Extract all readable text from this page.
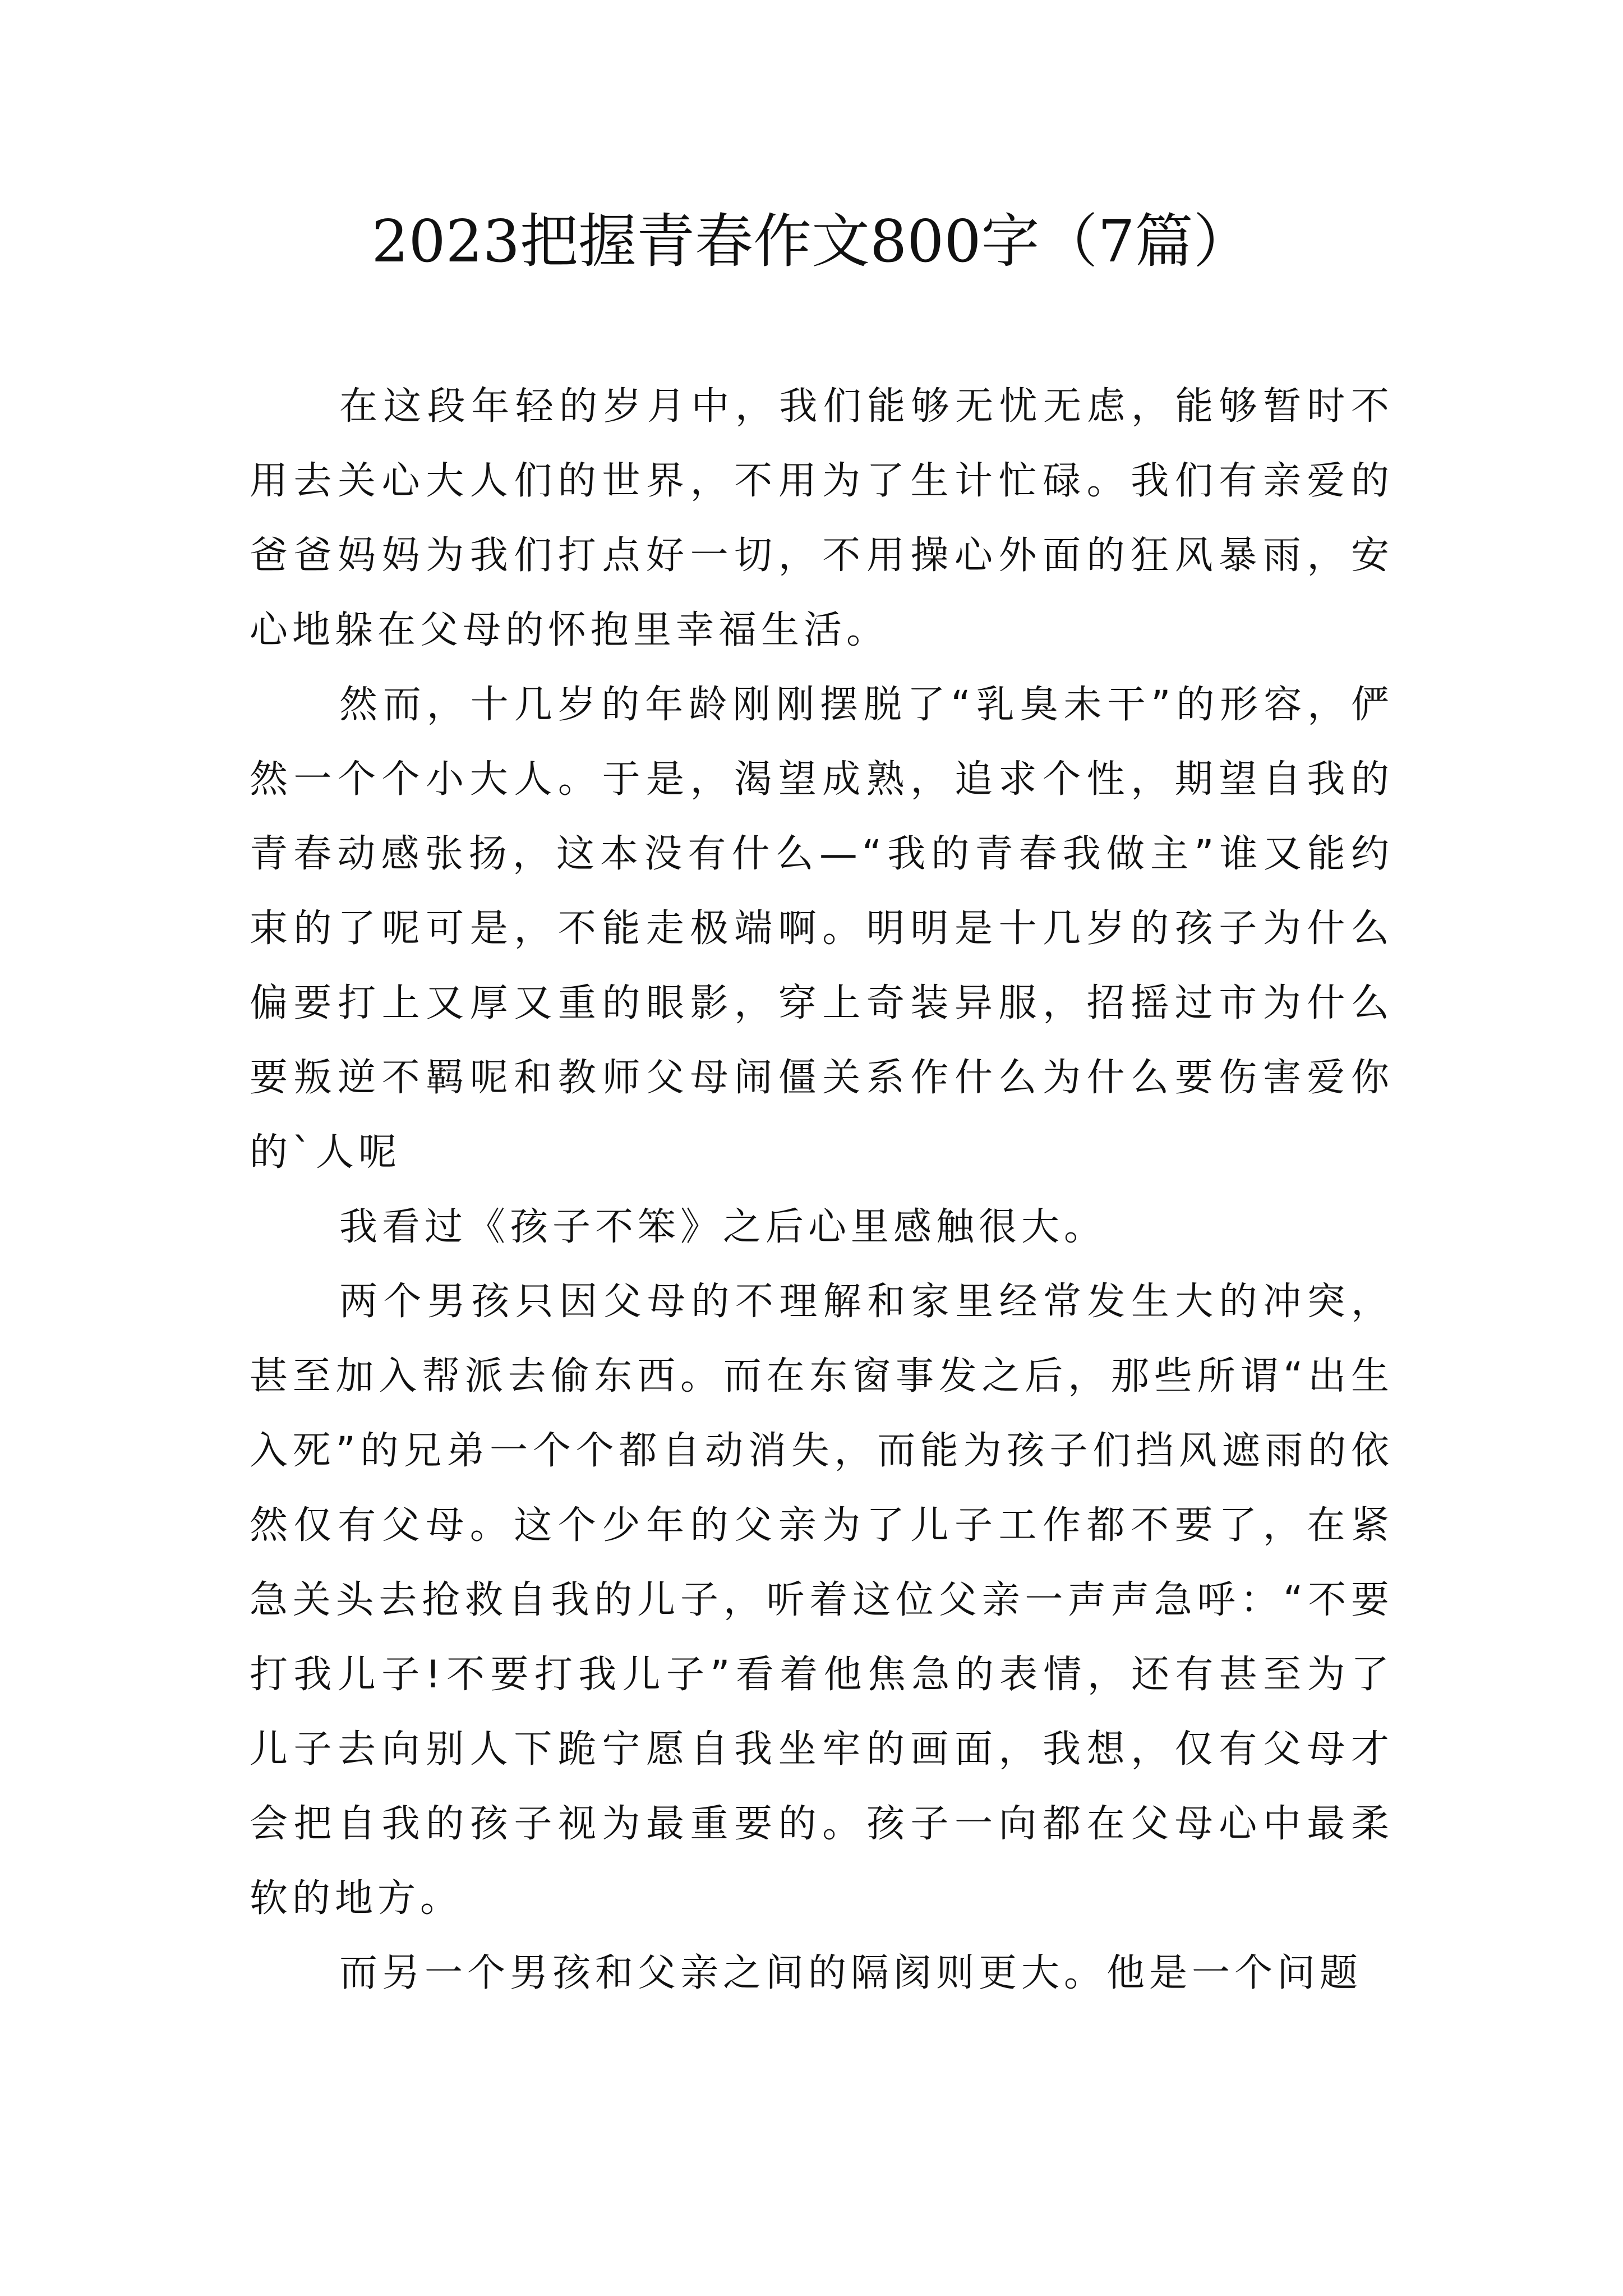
2023把握青春作文800字（7篇）

在这段年轻的岁月中，我们能够无忧无虑，能够暂时不用去关心大人们的世界，不用为了生计忙碌。我们有亲爱的爸爸妈妈为我们打点好一切，不用操心外面的狂风暴雨，安心地躲在父母的怀抱里幸福生活。

然而，十几岁的年龄刚刚摆脱了“乳臭未干”的形容，俨然一个个小大人。于是，渴望成熟，追求个性，期望自我的青春动感张扬，这本没有什么—“我的青春我做主”谁又能约束的了呢可是，不能走极端啊。明明是十几岁的孩子为什么偏要打上又厚又重的眼影，穿上奇装异服，招摇过市为什么要叛逆不羁呢和教师父母闹僵关系作什么为什么要伤害爱你的`人呢

我看过《孩子不笨》之后心里感触很大。

两个男孩只因父母的不理解和家里经常发生大的冲突，甚至加入帮派去偷东西。而在东窗事发之后，那些所谓“出生入死”的兄弟一个个都自动消失，而能为孩子们挡风遮雨的依然仅有父母。这个少年的父亲为了儿子工作都不要了，在紧急关头去抢救自我的儿子，听着这位父亲一声声急呼：“不要打我儿子!不要打我儿子”看着他焦急的表情，还有甚至为了儿子去向别人下跪宁愿自我坐牢的画面，我想，仅有父母才会把自我的孩子视为最重要的。孩子一向都在父母心中最柔软的地方。

而另一个男孩和父亲之间的隔阂则更大。他是一个问题
